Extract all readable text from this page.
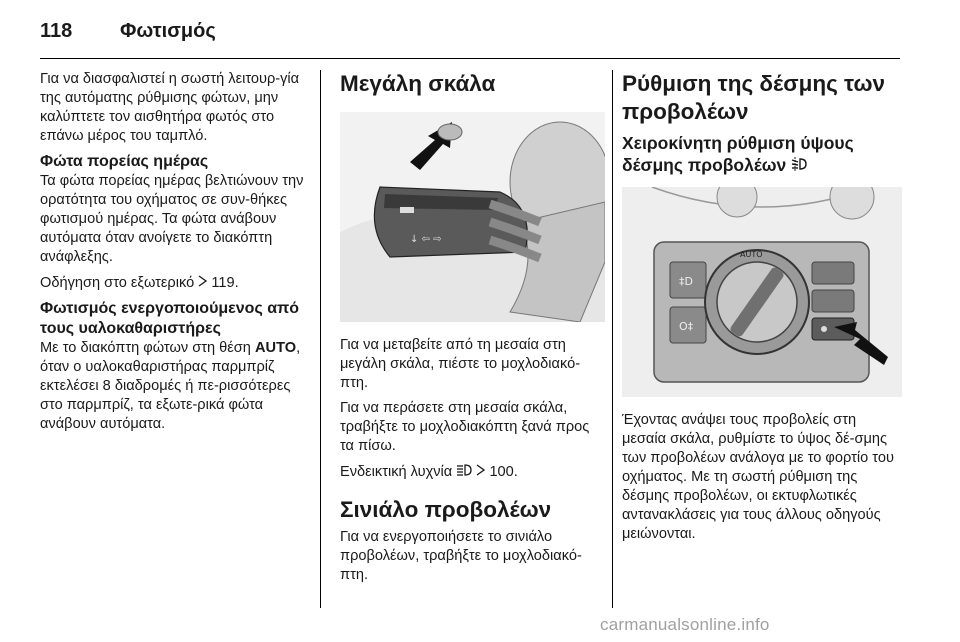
118 Φωτισμός

Για να διασφαλιστεί η σωστή λειτουρ-γία της αυτόματης ρύθμισης φώτων, μην καλύπτετε τον αισθητήρα φωτός στο επάνω μέρος του ταμπλό.

Φώτα πορείας ημέρας

Τα φώτα πορείας ημέρας βελτιώνουν την ορατότητα του οχήματος σε συν-θήκες φωτισμού ημέρας. Τα φώτα ανάβουν αυτόματα όταν ανοίγετε το διακόπτη ανάφλεξης.

Οδήγηση στο εξωτερικό 119.

Φωτισμός ενεργοποιούμενος από τους υαλοκαθαριστήρες

Με το διακόπτη φώτων στη θέση AUTO, όταν ο υαλοκαθαριστήρας παρμπρίζ εκτελέσει 8 διαδρομές ή πε-ρισσότερες στο παρμπρίζ, τα εξωτε-ρικά φώτα ανάβουν αυτόματα.

Μεγάλη σκάλα
↓ ⇦ ⇨

Για να μεταβείτε από τη μεσαία στη μεγάλη σκάλα, πιέστε το μοχλοδιακό-πτη.

Για να περάσετε στη μεσαία σκάλα, τραβήξτε το μοχλοδιακόπτη ξανά προς τα πίσω.

Ενδεικτική λυχνία	100.

Σινιάλο προβολέων

Για να ενεργοποιήσετε το σινιάλο προβολέων, τραβήξτε το μοχλοδιακό-πτη.

Ρύθμιση της δέσμης των προβολέων
Χειροκίνητη ρύθμιση ύψους δέσμης προβολέων
‡D
O‡
AUTO

Έχοντας ανάψει τους προβολείς στη μεσαία σκάλα, ρυθμίστε το ύψος δέ-σμης των προβολέων ανάλογα με το φορτίο του οχήματος. Με τη σωστή ρύθμιση της δέσμης προβολέων, οι εκτυφλωτικές αντανακλάσεις για τους άλλους οδηγούς μειώνονται.

carmanualsonline.info
